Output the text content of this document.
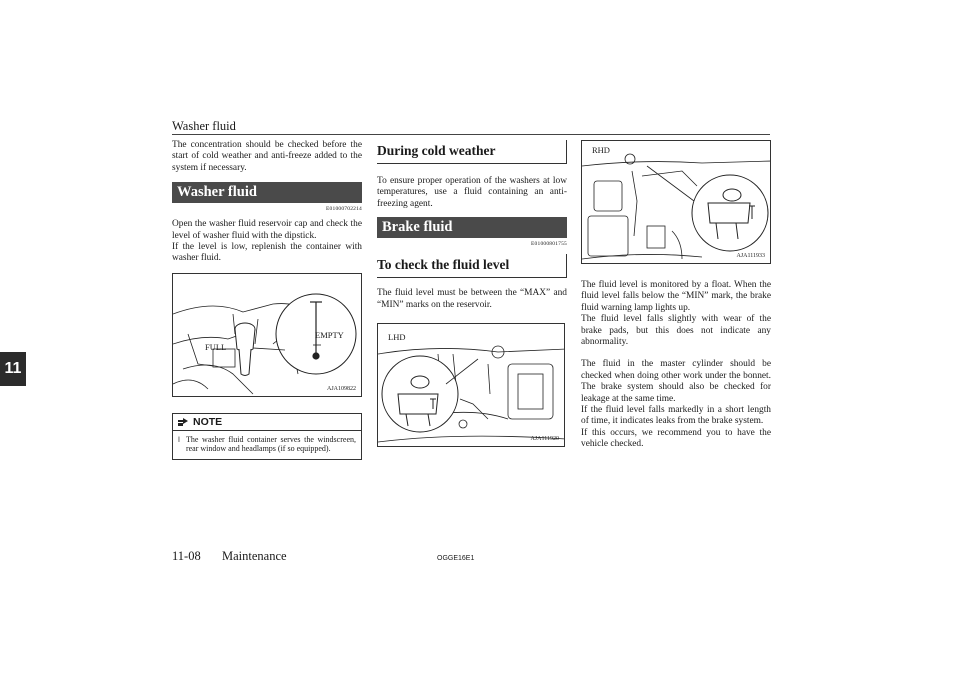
Washer fluid
11

The concentration should be checked before the start of cold weather and anti-freeze added to the system if necessary.

Washer fluid
E01000702214

Open the washer fluid reservoir cap and check the level of washer fluid with the dipstick.

If the level is low, replenish the container with washer fluid.

FULL
EMPTY
AJA109822
NOTE
l The washer fluid container serves the windscreen, rear window and headlamps (if so equipped).
During cold weather

To ensure proper operation of the washers at low temperatures, use a fluid containing an anti-freezing agent.

Brake fluid
E01000801755
To check the fluid level

The fluid level must be between the “MAX” and “MIN” marks on the reservoir.

LHD
AJA111920
RHD
AJA111933

The fluid level is monitored by a float. When the fluid level falls below the “MIN” mark, the brake fluid warning lamp lights up.

The fluid level falls slightly with wear of the brake pads, but this does not indicate any abnormality.

The fluid in the master cylinder should be checked when doing other work under the bonnet. The brake system should also be checked for leakage at the same time.

If the fluid level falls markedly in a short length of time, it indicates leaks from the brake system.

If this occurs, we recommend you to have the vehicle checked.

11-08 Maintenance	OGGE16E1
